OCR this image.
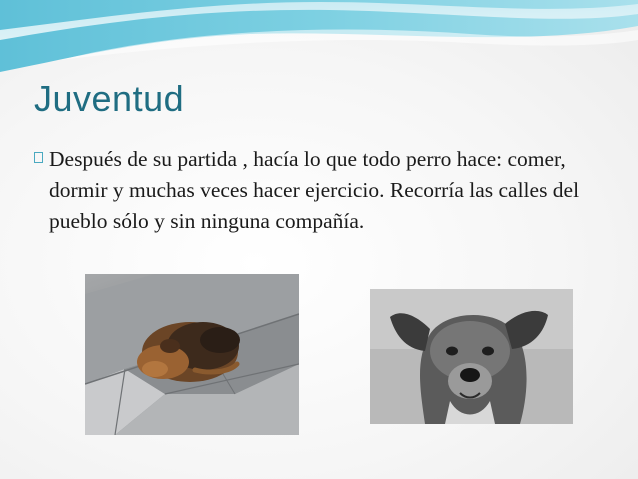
Juventud

Después de su partida , hacía lo que todo perro hace: comer, dormir y muchas veces hacer ejercicio. Recorría las calles del pueblo sólo y sin ninguna compañía.
